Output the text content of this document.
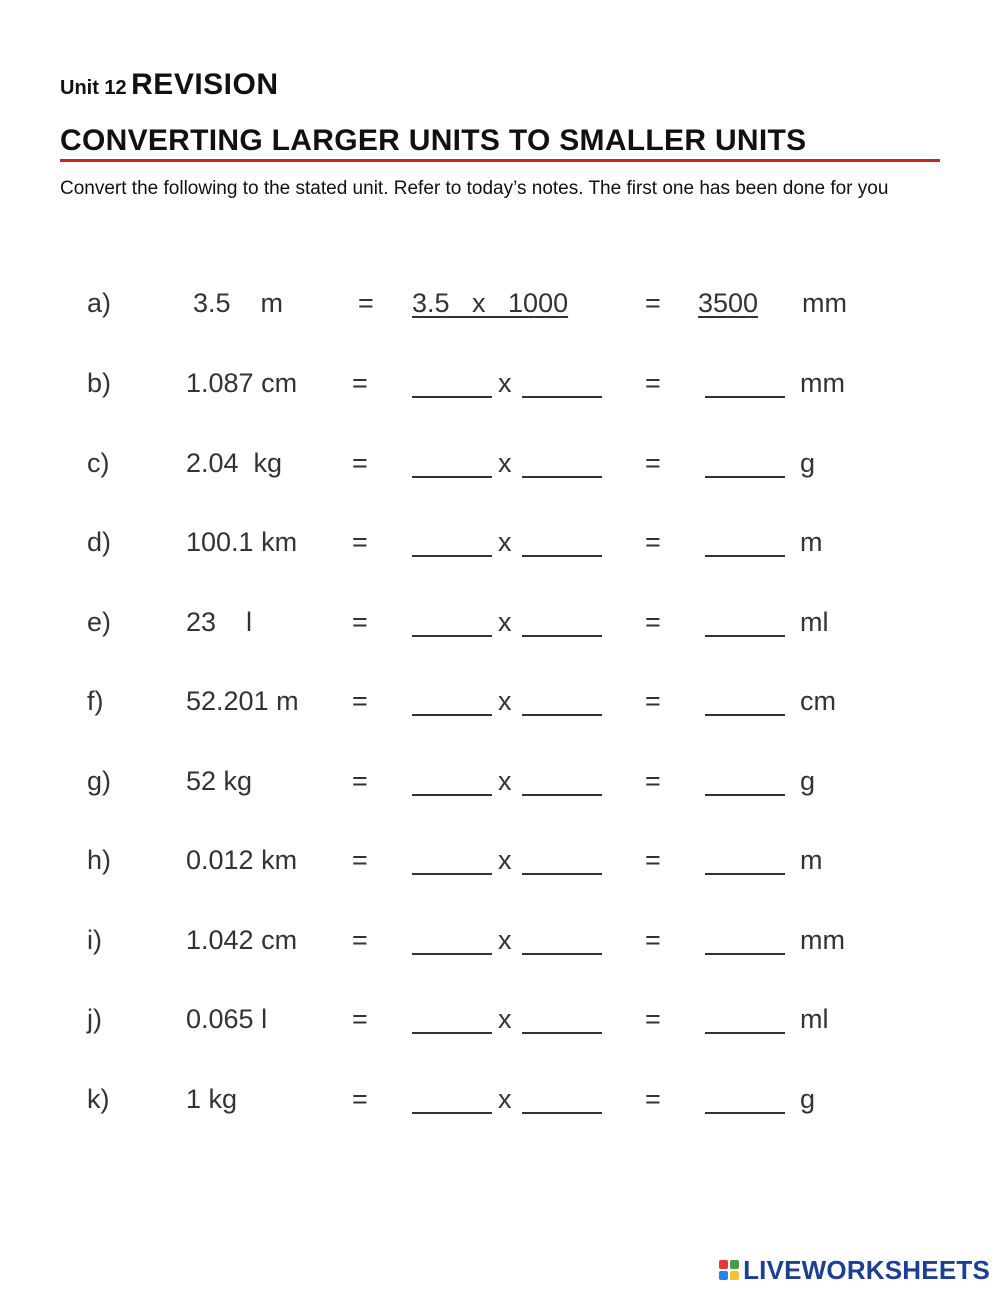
Unit 12 REVISION
CONVERTING LARGER UNITS TO SMALLER UNITS

Convert the following to the stated unit. Refer to today’s notes. The first one has been done for you

a)	3.5    m	= 3.5   x   1000	= 3500 mm
b)	1.087 cm =	x	=	mm
c)	2.04  kg	=	x	=	g
d)	100.1 km =	x	=	m
e)	23    l	=	x	=	ml
f)	52.201 m =	x	=	cm
g)	52 kg	=	x	=	g
h)	0.012 km =	x	=	m
i)	1.042 cm =	x	=	mm
j)	0.065 l	=	x	=	ml
k)	1 kg	=	x	=	g
LIVEWORKSHEETS
